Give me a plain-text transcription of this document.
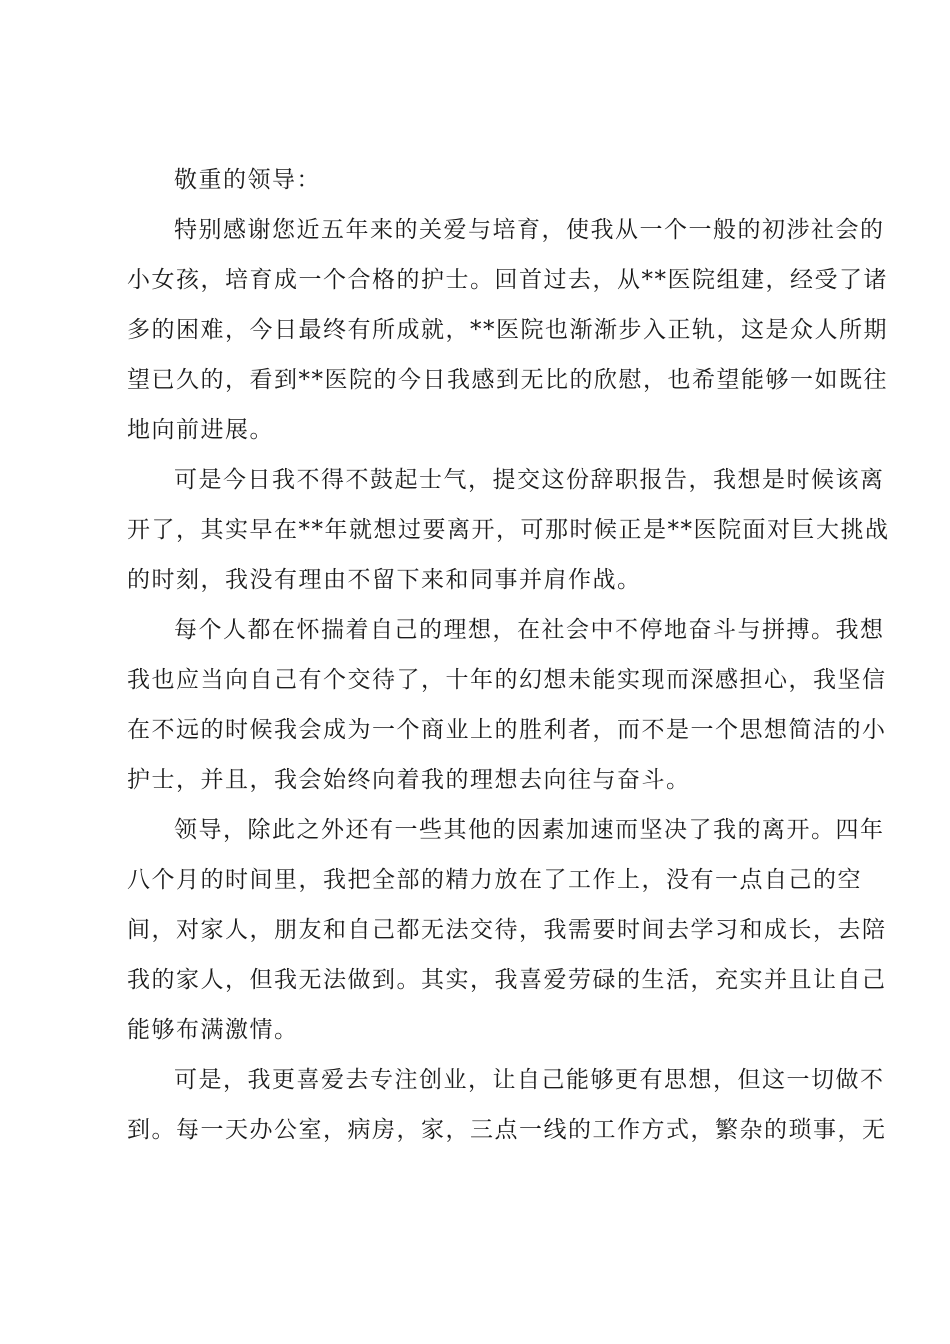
敬重的领导：
特别感谢您近五年来的关爱与培育，使我从一个一般的初涉社会的
小女孩，培育成一个合格的护士。回首过去，从**医院组建，经受了诸
多的困难，今日最终有所成就，**医院也渐渐步入正轨，这是众人所期
望已久的，看到**医院的今日我感到无比的欣慰，也希望能够一如既往
地向前进展。
可是今日我不得不鼓起士气，提交这份辞职报告，我想是时候该离
开了，其实早在**年就想过要离开，可那时候正是**医院面对巨大挑战
的时刻，我没有理由不留下来和同事并肩作战。
每个人都在怀揣着自己的理想，在社会中不停地奋斗与拼搏。我想
我也应当向自己有个交待了，十年的幻想未能实现而深感担心，我坚信
在不远的时候我会成为一个商业上的胜利者，而不是一个思想简洁的小
护士，并且，我会始终向着我的理想去向往与奋斗。
领导，除此之外还有一些其他的因素加速而坚决了我的离开。四年
八个月的时间里，我把全部的精力放在了工作上，没有一点自己的空
间，对家人，朋友和自己都无法交待，我需要时间去学习和成长，去陪
我的家人，但我无法做到。其实，我喜爱劳碌的生活，充实并且让自己
能够布满激情。
可是，我更喜爱去专注创业，让自己能够更有思想，但这一切做不
到。每一天办公室，病房，家，三点一线的工作方式，繁杂的琐事，无
